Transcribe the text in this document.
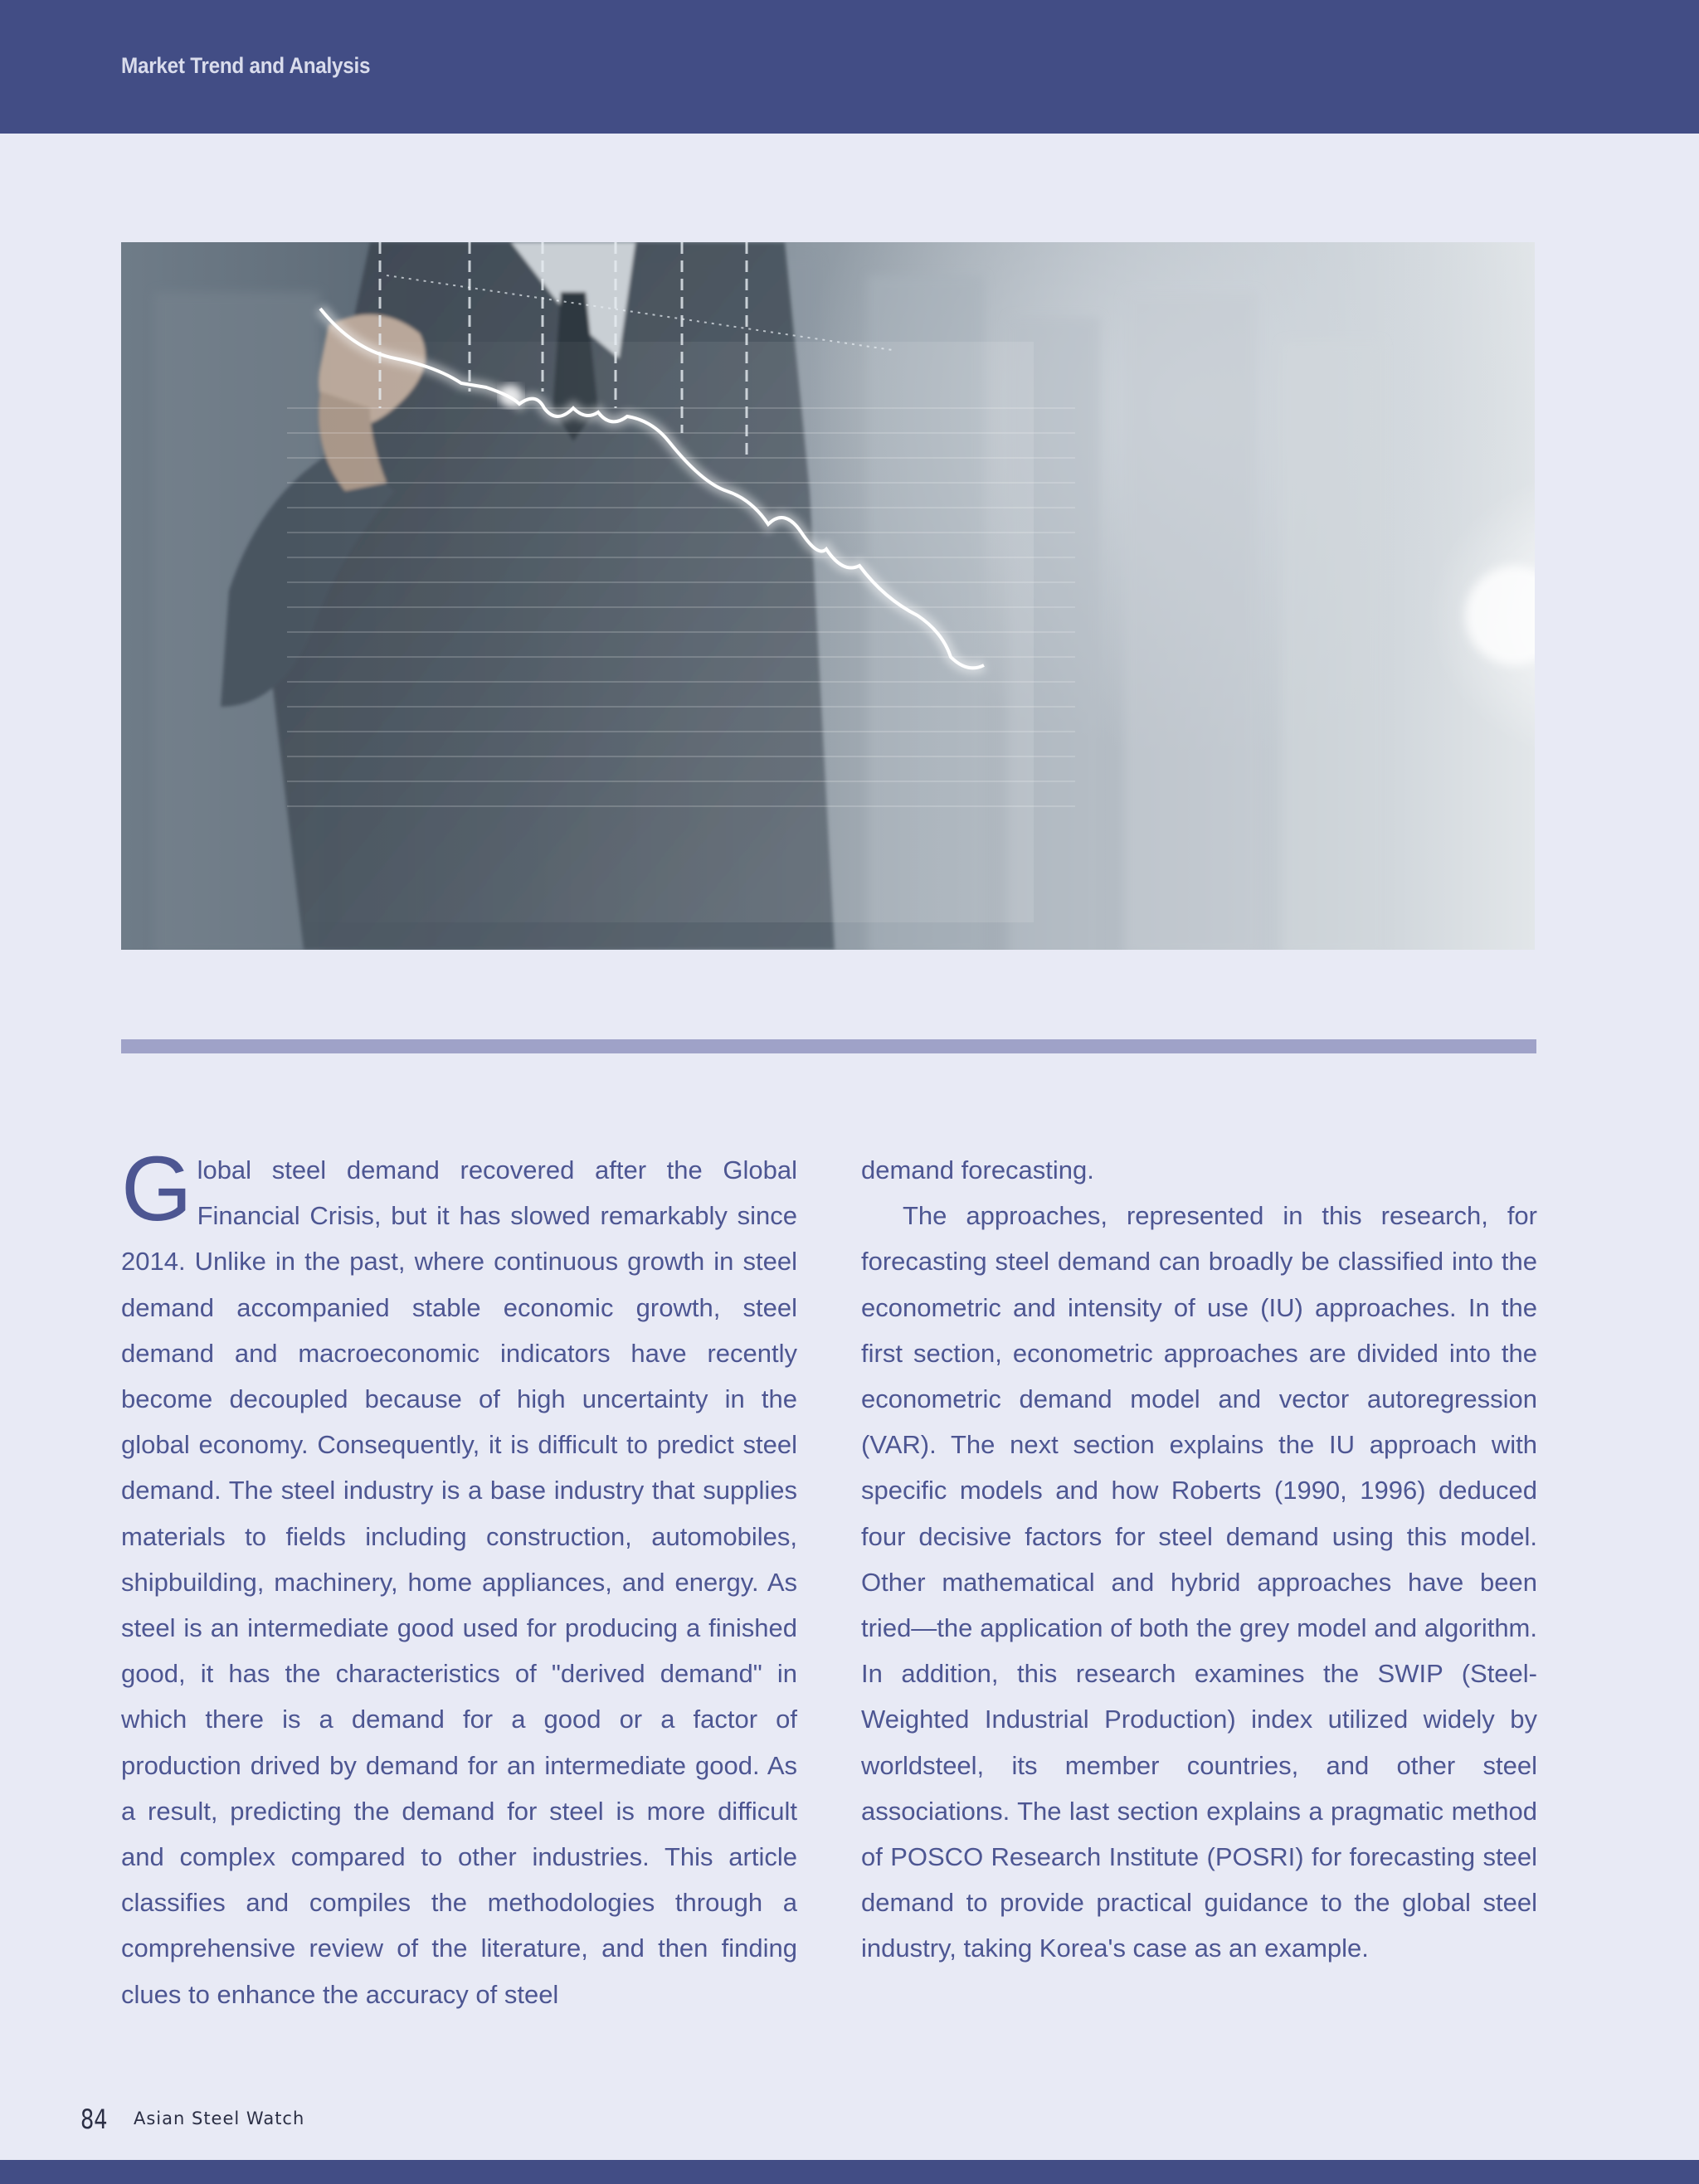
Market Trend and Analysis

Global steel demand recovered after the Global Financial Crisis, but it has slowed remarkably since 2014. Unlike in the past, where continuous growth in steel demand accompanied stable economic growth, steel demand and macroeconomic indicators have recently become decoupled because of high uncertainty in the global economy. Consequently, it is difficult to predict steel demand. The steel industry is a base industry that supplies materials to fields including construction, automobiles, shipbuilding, machinery, home appliances, and energy. As steel is an intermediate good used for producing a finished good, it has the characteristics of "derived demand" in which there is a demand for a good or a factor of production drived by demand for an intermediate good. As a result, predicting the demand for steel is more difficult and complex compared to other industries. This article classifies and compiles the methodologies through a comprehensive review of the literature, and then finding clues to enhance the accuracy of steel

demand forecasting.

The approaches, represented in this research, for forecasting steel demand can broadly be classified into the econometric and intensity of use (IU) approaches. In the first section, econometric approaches are divided into the econometric demand model and vector autoregression (VAR). The next section explains the IU approach with specific models and how Roberts (1990, 1996) deduced four decisive factors for steel demand using this model. Other mathematical and hybrid approaches have been tried—the application of both the grey model and algorithm. In addition, this research examines the SWIP (Steel-Weighted Industrial Production) index utilized widely by worldsteel, its member countries, and other steel associations. The last section explains a pragmatic method of POSCO Research Institute (POSRI) for forecasting steel demand to provide practical guidance to the global steel industry, taking Korea's case as an example.

84 Asian Steel Watch
